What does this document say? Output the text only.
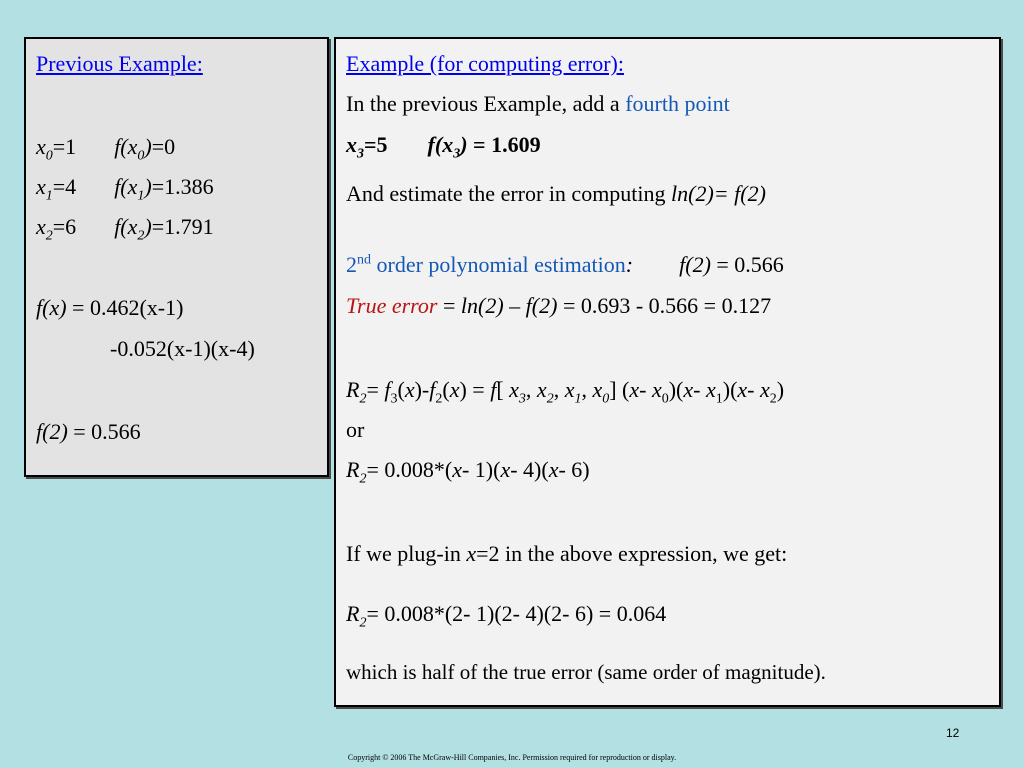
Previous Example:
$x_0=1$ $f(x_0)=0$
$x_1=4$ $f(x_1)=1.386$
$x_2=6$ $f(x_2)=1.791$
f(x) = 0.462(x-1)
-0.052(x-1)(x-4)
f(2) = 0.566
Example (for computing error):
In the previous Example, add a fourth point
$x_3=5$ $f(x_3) = 1.609$
And estimate the error in computing ln(2)= f(2)
2nd order polynomial estimation: f(2) = 0.566
True error = ln(2) – f(2) = 0.693 - 0.566 = 0.127
$R_2= f_3(x)-f_2(x) = f$[ $x_3$, $x_2$, $x_1$, $x_0$] (x- $x_0)(x-$ $x_1)(x-$ $x_2$)
or
$R_2= 0.008*(x-$ 1)(x- 4)(x- 6)
If we plug-in x=2 in the above expression, we get:
$R_2= 0.008*(2-$ 1)(2- 4)(2- 6) = 0.064
which is half of the true error (same order of magnitude).
12
Copyright © 2006 The McGraw-Hill Companies, Inc. Permission required for reproduction or display.
